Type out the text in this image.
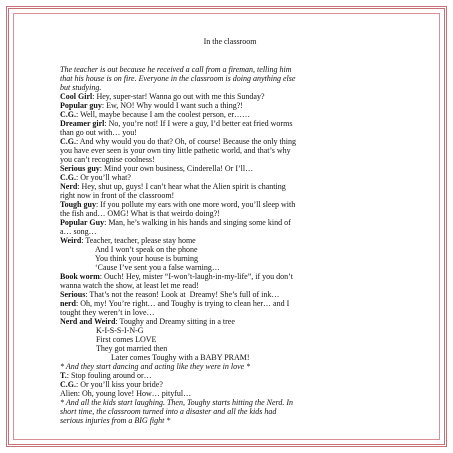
In the classroom
The teacher is out because he received a call from a fireman, telling him
that his house is on fire. Everyone in the classroom is doing anything else
but studying.
Cool Girl: Hey, super-star! Wanna go out with me this Sunday?
Popular guy: Ew, NO! Why would I want such a thing?!
C.G.: Well, maybe because I am the coolest person, er……
Dreamer girl: No, you’re not! If I were a guy, I’d better eat fried worms
than go out with… you!
C.G.: And why would you do that? Oh, of course! Because the only thing
you have ever seen is your own tiny little pathetic world, and that’s why
you can’t recognise coolness!
Serious guy: Mind your own business, Cinderella! Or I’ll…
C.G.: Or you’ll what?
Nerd: Hey, shut up, guys! I can’t hear what the Alien spirit is chanting
right now in front of the classroom!
Tough guy: If you pollute my ears with one more word, you’ll sleep with
the fish and… OMG! What is that weirdo doing?!
Popular Guy: Man, he’s walking in his hands and singing some kind of
a… song…
Weird: Teacher, teacher, please stay home
And I won’t speak on the phone
You think your house is burning
‘Cause I’ve sent you a false warning…
Book worm: Ouch! Hey, mister “I-won’t-laugh-in-my-life”, if you don’t
wanna watch the show, at least let me read!
Serious: That’s not the reason! Look at  Dreamy! She’s full of ink…
nerd: Oh, my! You’re right… and Toughy is trying to clean her… and I
tought they weren’t in love…
Nerd and Weird: Toughy and Dreamy sitting in a tree
K-I-S-S-I-N-G
First comes LOVE
They got married then
Later comes Toughy with a BABY PRAM!
* And they start dancing and acting like they were in love *
T.: Stop fouling around or…
C.G.: Or you’ll kiss your bride?
Alien: Oh, young love! How… pityful…
* And all the kids start laughing. Then, Toughy starts hitting the Nerd. In
short time, the classroom turned into a disaster and all the kids had
serious injuries from a BIG fight *
